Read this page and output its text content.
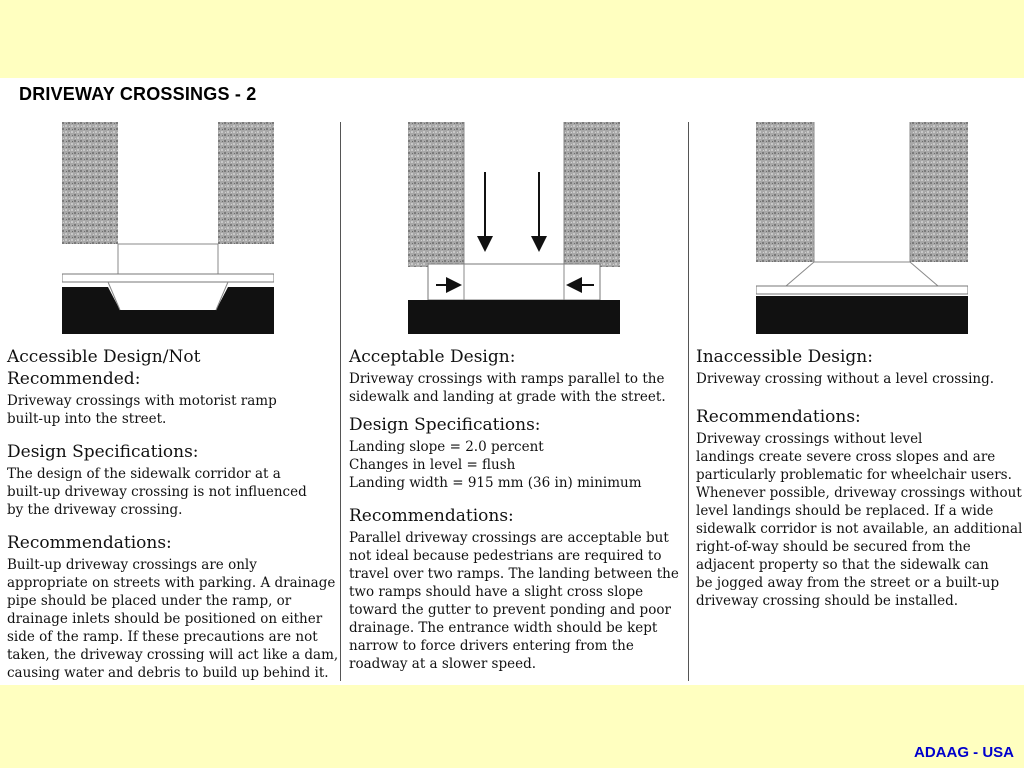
DRIVEWAY CROSSINGS - 2
Accessible Design/Not Recommended:

Driveway crossings with motorist ramp
built-up into the street.

Design Specifications:

The design of the sidewalk corridor at a
built-up driveway crossing is not influenced
by the driveway crossing.

Recommendations:

Built-up driveway crossings are only
appropriate on streets with parking. A drainage
pipe should be placed under the ramp, or
drainage inlets should be positioned on either
side of the ramp. If these precautions are not
taken, the driveway crossing will act like a dam,
causing water and debris to build up behind it.

Acceptable Design:

Driveway crossings with ramps parallel to the
sidewalk and landing at grade with the street.

Design Specifications:

Landing slope = 2.0 percent
Changes in level = flush
Landing width = 915 mm (36 in) minimum

Recommendations:

Parallel driveway crossings are acceptable but
not ideal because pedestrians are required to
travel over two ramps. The landing between the
two ramps should have a slight cross slope
toward the gutter to prevent ponding and poor
drainage. The entrance width should be kept
narrow to force drivers entering from the
roadway at a slower speed.

Inaccessible Design:

Driveway crossing without a level crossing.

Recommendations:

Driveway crossings without level
landings create severe cross slopes and are
particularly problematic for wheelchair users.
Whenever possible, driveway crossings without
level landings should be replaced. If a wide
sidewalk corridor is not available, an additional
right-of-way should be secured from the
adjacent property so that the sidewalk can
be jogged away from the street or a built-up
driveway crossing should be installed.

ADAAG - USA
